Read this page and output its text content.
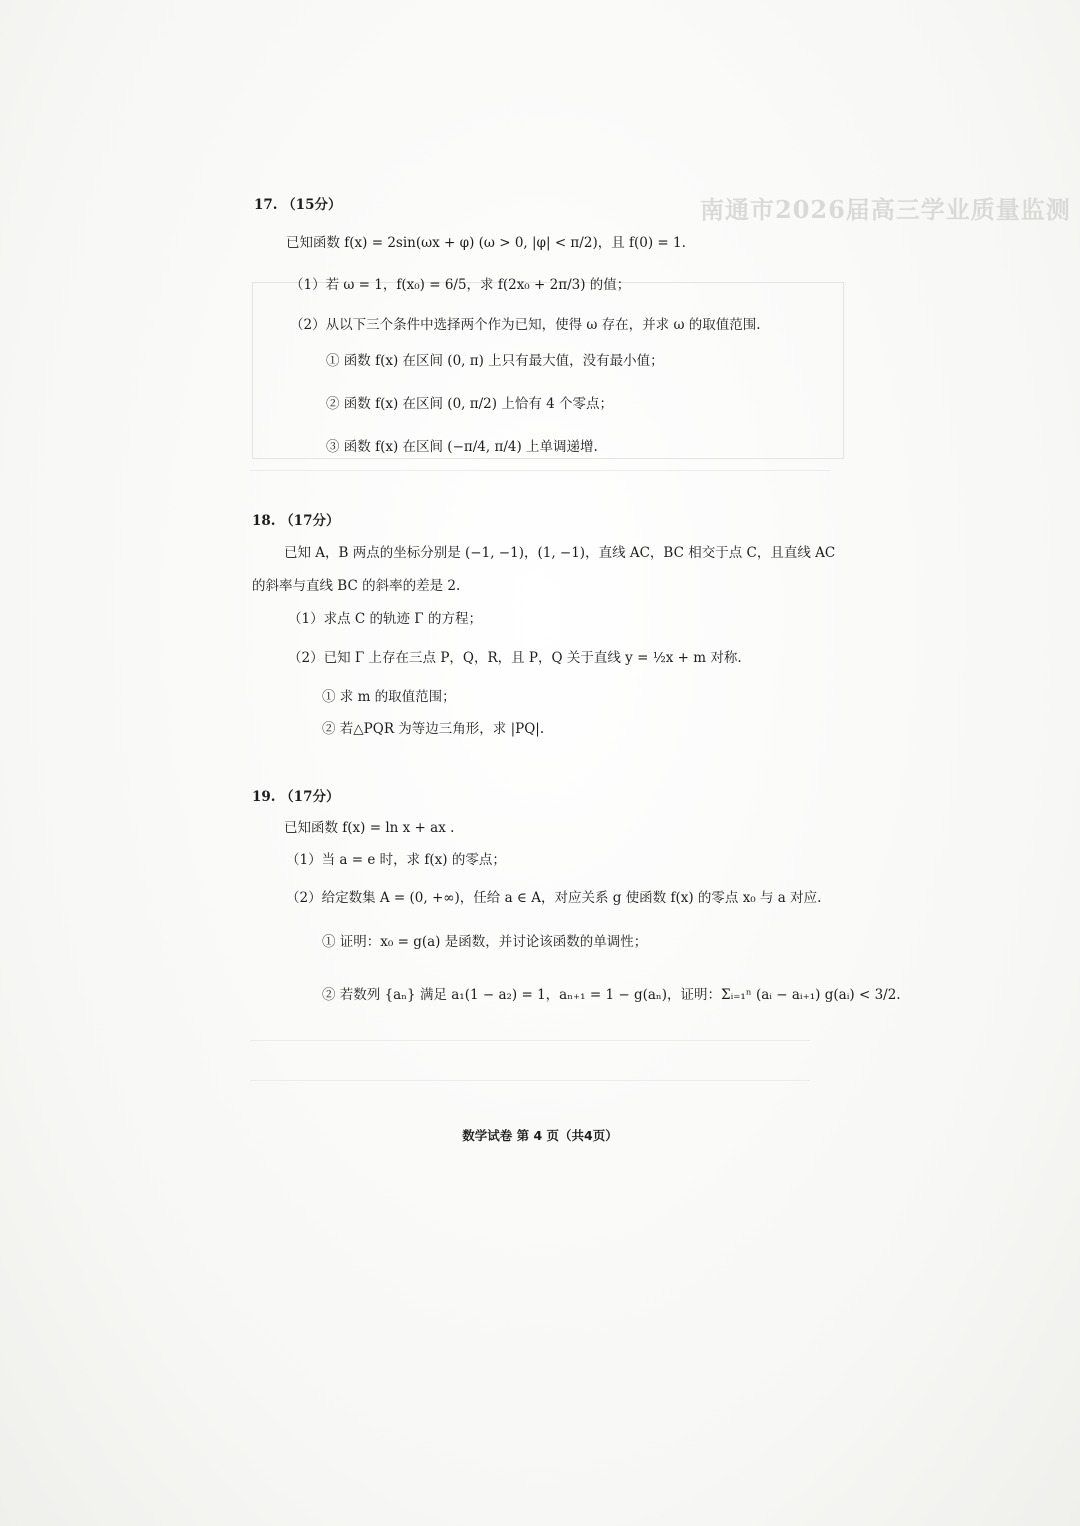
南通市2026届高三学业质量监测
17. （15分）
已知函数 f(x) = 2sin(ωx + φ) (ω > 0, |φ| < π/2)，且 f(0) = 1.
（1）若 ω = 1，f(x₀) = 6/5，求 f(2x₀ + 2π/3) 的值；
（2）从以下三个条件中选择两个作为已知，使得 ω 存在，并求 ω 的取值范围.
① 函数 f(x) 在区间 (0, π) 上只有最大值，没有最小值；
② 函数 f(x) 在区间 (0, π/2) 上恰有 4 个零点；
③ 函数 f(x) 在区间 (−π/4, π/4) 上单调递增.
18. （17分）
已知 A，B 两点的坐标分别是 (−1, −1)，(1, −1)，直线 AC，BC 相交于点 C，且直线 AC
的斜率与直线 BC 的斜率的差是 2.
（1）求点 C 的轨迹 Γ 的方程；
（2）已知 Γ 上存在三点 P，Q，R，且 P，Q 关于直线 y = ½x + m 对称.
① 求 m 的取值范围；
② 若△PQR 为等边三角形，求 |PQ|.
19. （17分）
已知函数 f(x) = ln x + ax .
（1）当 a = e 时，求 f(x) 的零点；
（2）给定数集 A = (0, +∞)，任给 a ∈ A，对应关系 g 使函数 f(x) 的零点 x₀ 与 a 对应.
① 证明：x₀ = g(a) 是函数，并讨论该函数的单调性；
② 若数列 {aₙ} 满足 a₁(1 − a₂) = 1，aₙ₊₁ = 1 − g(aₙ)，证明：Σᵢ₌₁ⁿ (aᵢ − aᵢ₊₁) g(aᵢ) < 3/2.
数学试卷 第 4 页（共4页）
